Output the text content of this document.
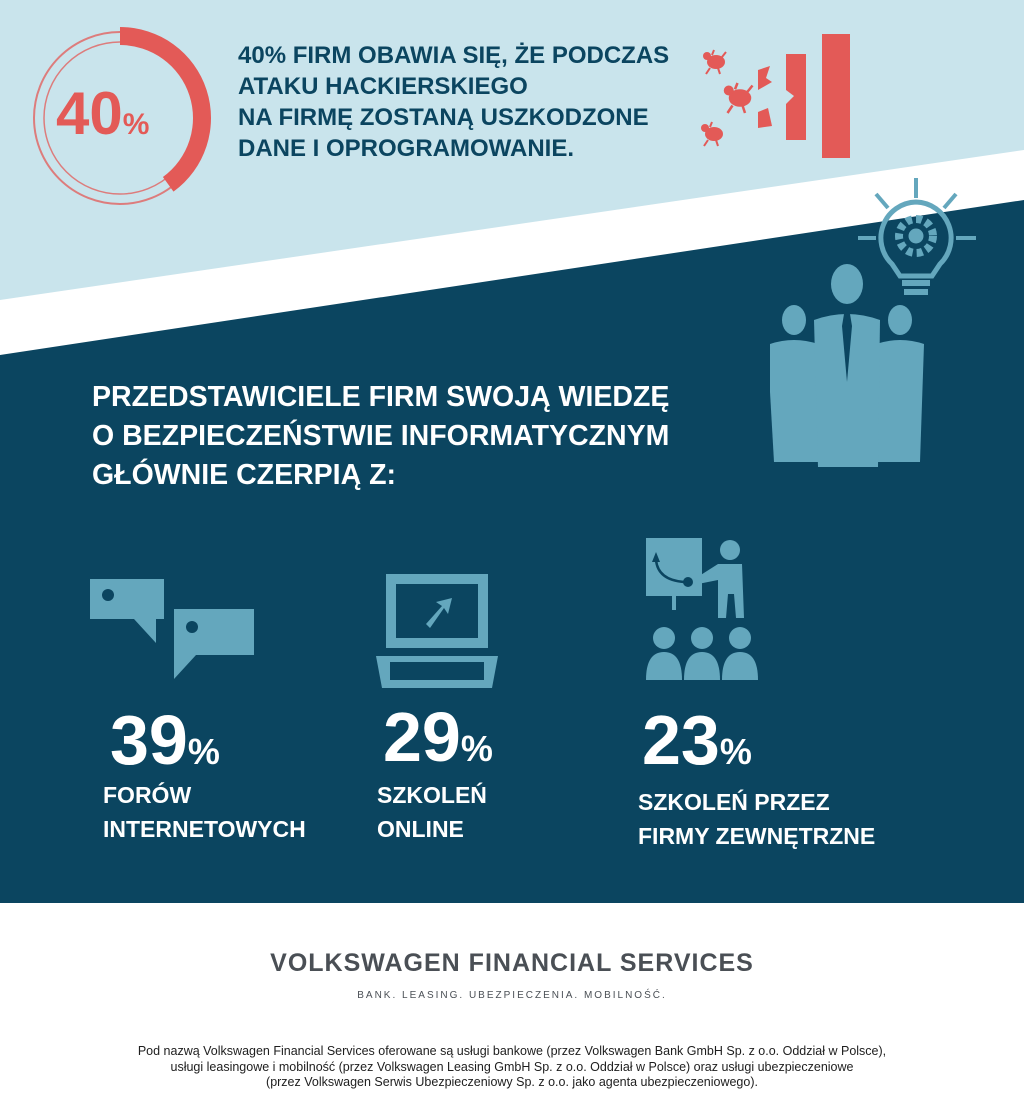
40%
40% FIRM OBAWIA SIĘ, ŻE PODCZAS
ATAKU HACKIERSKIEGO
NA FIRMĘ ZOSTANĄ USZKODZONE
DANE I OPROGRAMOWANIE.
PRZEDSTAWICIELE FIRM SWOJĄ WIEDZĘ
O BEZPIECZEŃSTWIE INFORMATYCZNYM
GŁÓWNIE CZERPIĄ Z:
39%
FORÓW
INTERNETOWYCH
29%
SZKOLEŃ
ONLINE
23%
SZKOLEŃ PRZEZ
FIRMY ZEWNĘTRZNE
VOLKSWAGEN FINANCIAL SERVICES
BANK. LEASING. UBEZPIECZENIA. MOBILNOŚĆ.
Pod nazwą Volkswagen Financial Services oferowane są usługi bankowe (przez Volkswagen Bank GmbH Sp. z o.o. Oddział w Polsce),
usługi leasingowe i mobilność (przez Volkswagen Leasing GmbH Sp. z o.o. Oddział w Polsce) oraz usługi ubezpieczeniowe
(przez Volkswagen Serwis Ubezpieczeniowy Sp. z o.o. jako agenta ubezpieczeniowego).
